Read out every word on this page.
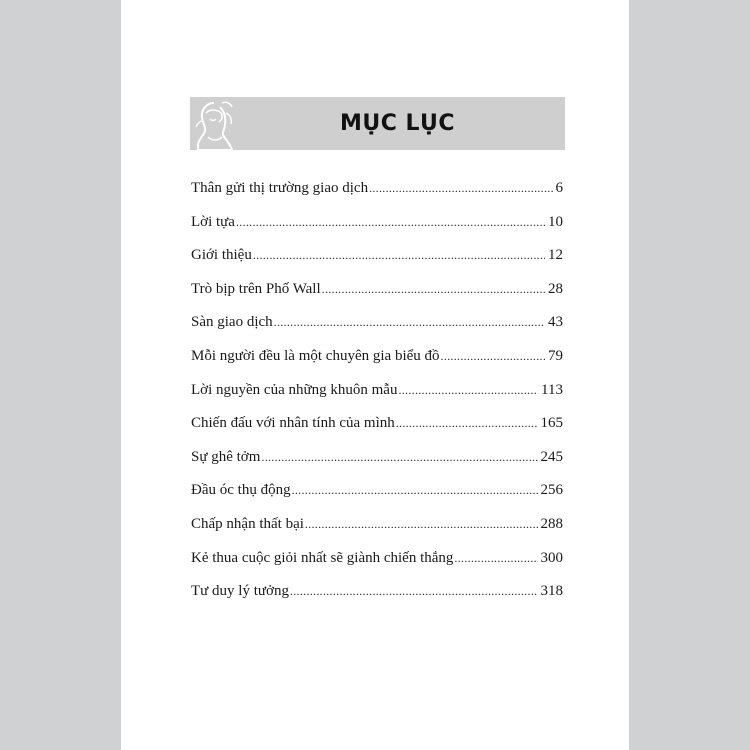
MỤC LỤC
Thân gửi thị trường giao dịch .....	6
Lời tựa .....	10
Giới thiệu .....	12
Trò bịp trên Phố Wall .....	28
Sàn giao dịch .....	43
Mỗi người đều là một chuyên gia biểu đồ .....	79
Lời nguyền của những khuôn mẫu .....	113
Chiến đấu với nhân tính của mình .....	165
Sự ghê tởm .....	245
Đầu óc thụ động .....	256
Chấp nhận thất bại .....	288
Kẻ thua cuộc giỏi nhất sẽ giành chiến thắng .....	300
Tư duy lý tưởng .....	318
